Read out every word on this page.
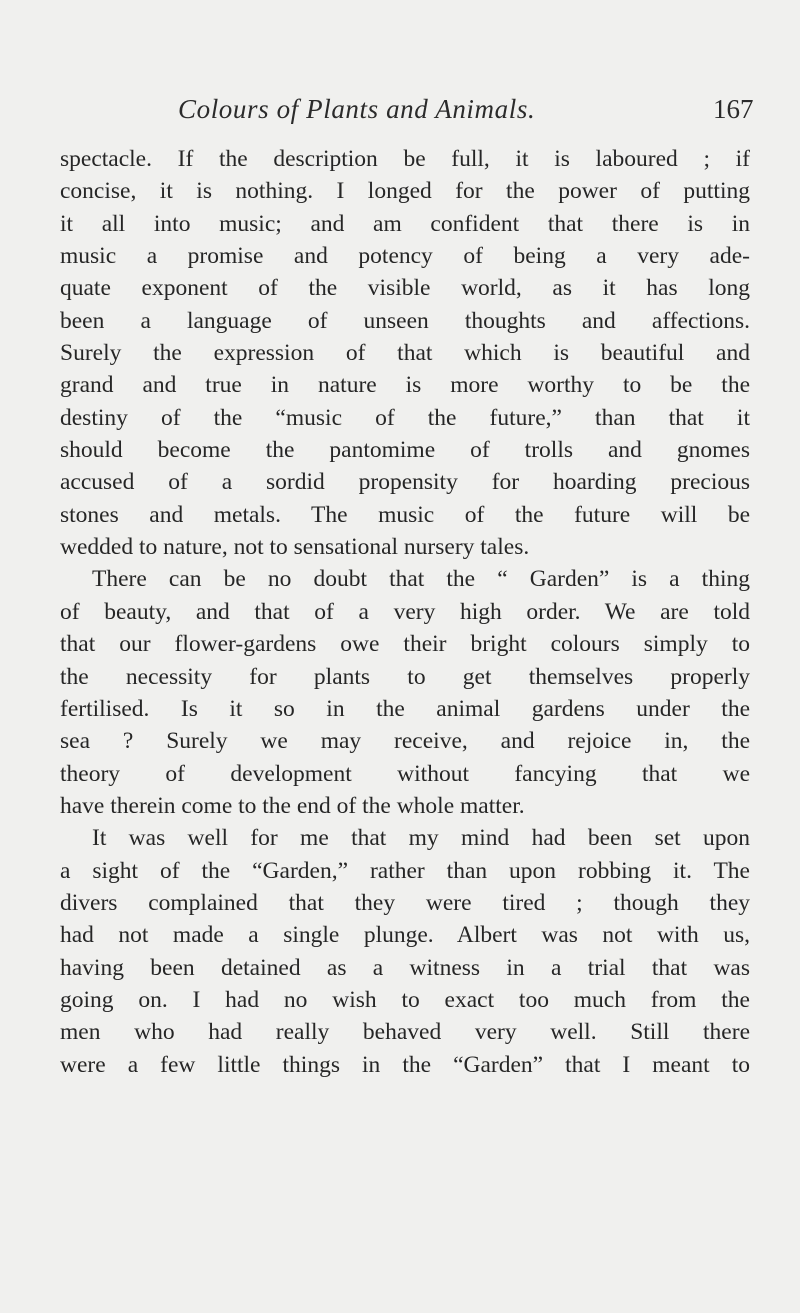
Colours of Plants and Animals.	167
spectacle. If the description be full, it is laboured ; if
concise, it is nothing. I longed for the power of putting
it all into music; and am confident that there is in
music a promise and potency of being a very ade-
quate exponent of the visible world, as it has long
been a language of unseen thoughts and affections.
Surely the expression of that which is beautiful and
grand and true in nature is more worthy to be the
destiny of the “music of the future,” than that it
should become the pantomime of trolls and gnomes
accused of a sordid propensity for hoarding precious
stones and metals. The music of the future will be
wedded to nature, not to sensational nursery tales.
There can be no doubt that the “ Garden” is a thing
of beauty, and that of a very high order. We are told
that our flower-gardens owe their bright colours simply to
the necessity for plants to get themselves properly
fertilised. Is it so in the animal gardens under the
sea ? Surely we may receive, and rejoice in, the
theory of development without fancying that we
have therein come to the end of the whole matter.
It was well for me that my mind had been set upon
a sight of the “Garden,” rather than upon robbing it. The
divers complained that they were tired ; though they
had not made a single plunge. Albert was not with us,
having been detained as a witness in a trial that was
going on. I had no wish to exact too much from the
men who had really behaved very well. Still there
were a few little things in the “Garden” that I meant to
